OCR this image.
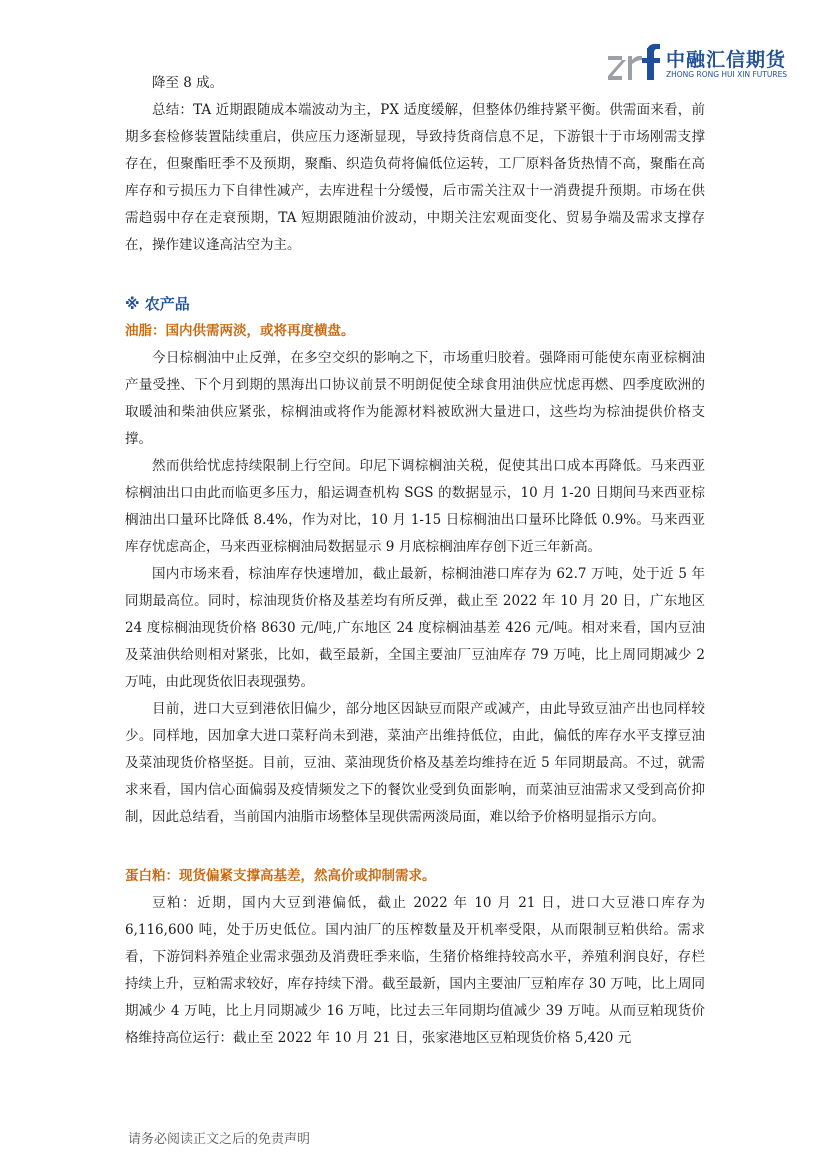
中融汇信期货
ZHONG RONG HUI XIN FUTURES

降至 8 成。

总结：TA 近期跟随成本端波动为主，PX 适度缓解，但整体仍维持紧平衡。供需面来看，前期多套检修装置陆续重启，供应压力逐渐显现，导致持货商信息不足，下游银十于市场刚需支撑存在，但聚酯旺季不及预期，聚酯、织造负荷将偏低位运转，工厂原料备货热情不高，聚酯在高库存和亏损压力下自律性减产，去库进程十分缓慢，后市需关注双十一消费提升预期。市场在供需趋弱中存在走衰预期，TA 短期跟随油价波动，中期关注宏观面变化、贸易争端及需求支撑存在，操作建议逢高沽空为主。

※ 农产品

油脂：国内供需两淡，或将再度横盘。

今日棕榈油中止反弹，在多空交织的影响之下，市场重归胶着。强降雨可能使东南亚棕榈油产量受挫、下个月到期的黑海出口协议前景不明朗促使全球食用油供应忧虑再燃、四季度欧洲的取暖油和柴油供应紧张，棕榈油或将作为能源材料被欧洲大量进口，这些均为棕油提供价格支撑。

然而供给忧虑持续限制上行空间。印尼下调棕榈油关税，促使其出口成本再降低。马来西亚棕榈油出口由此而临更多压力，船运调查机构 SGS 的数据显示，10 月 1-20 日期间马来西亚棕榈油出口量环比降低 8.4%，作为对比，10 月 1-15 日棕榈油出口量环比降低 0.9%。马来西亚库存忧虑高企，马来西亚棕榈油局数据显示 9 月底棕榈油库存创下近三年新高。

国内市场来看，棕油库存快速增加，截止最新，棕榈油港口库存为 62.7 万吨，处于近 5 年同期最高位。同时，棕油现货价格及基差均有所反弹，截止至 2022 年 10 月 20 日，广东地区 24 度棕榈油现货价格 8630 元/吨,广东地区 24 度棕榈油基差 426 元/吨。相对来看，国内豆油及菜油供给则相对紧张，比如，截至最新，全国主要油厂豆油库存 79 万吨，比上周同期减少 2 万吨，由此现货依旧表现强势。

目前，进口大豆到港依旧偏少，部分地区因缺豆而限产或减产，由此导致豆油产出也同样较少。同样地，因加拿大进口菜籽尚未到港，菜油产出维持低位，由此，偏低的库存水平支撑豆油及菜油现货价格坚挺。目前，豆油、菜油现货价格及基差均维持在近 5 年同期最高。不过，就需求来看，国内信心面偏弱及疫情频发之下的餐饮业受到负面影响，而菜油豆油需求又受到高价抑制，因此总结看，当前国内油脂市场整体呈现供需两淡局面，难以给予价格明显指示方向。

蛋白粕：现货偏紧支撑高基差，然高价或抑制需求。

豆粕：近期，国内大豆到港偏低，截止 2022 年 10 月 21 日，进口大豆港口库存为 6,116,600 吨，处于历史低位。国内油厂的压榨数量及开机率受限，从而限制豆粕供给。需求看，下游饲料养殖企业需求强劲及消费旺季来临，生猪价格维持较高水平，养殖利润良好，存栏持续上升，豆粕需求较好，库存持续下滑。截至最新，国内主要油厂豆粕库存 30 万吨，比上周同期减少 4 万吨，比上月同期减少 16 万吨，比过去三年同期均值减少 39 万吨。从而豆粕现货价格维持高位运行：截止至 2022 年 10 月 21 日，张家港地区豆粕现货价格 5,420 元

请务必阅读正文之后的免责声明
